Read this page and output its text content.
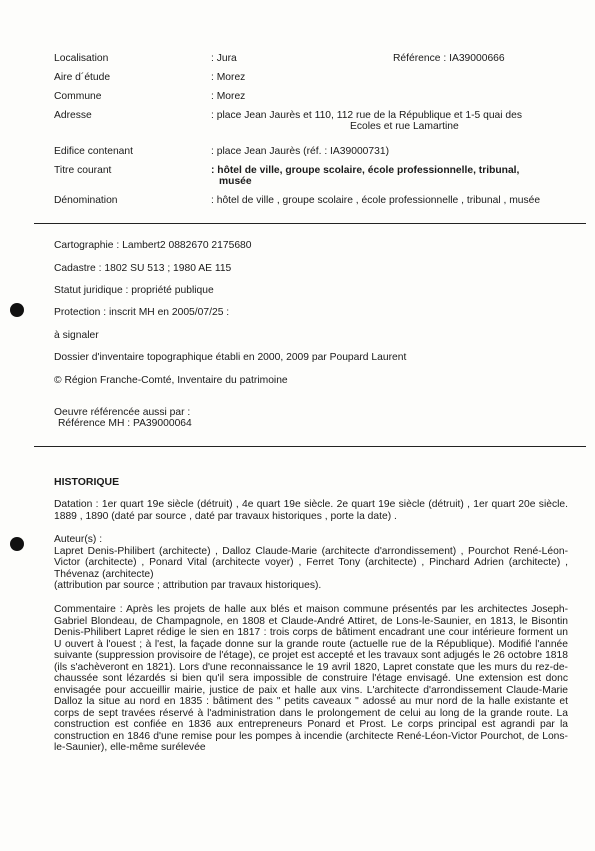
Localisation	: Jura	Référence : IA39000666
Aire d´étude	: Morez
Commune	: Morez
Adresse	: place Jean Jaurès et 110, 112 rue de la République et 1-5 quai des
Ecoles et rue Lamartine
Edifice contenant	: place Jean Jaurès (réf. : IA39000731)
Titre courant	: hôtel de ville, groupe scolaire, école professionnelle, tribunal,
musée
Dénomination	: hôtel de ville , groupe scolaire , école professionnelle , tribunal , musée
Cartographie : Lambert2 0882670 2175680
Cadastre : 1802 SU 513 ; 1980 AE 115
Statut juridique : propriété publique
Protection : inscrit MH en 2005/07/25 :
à signaler
Dossier d'inventaire topographique établi en 2000, 2009 par Poupard Laurent
© Région Franche-Comté, Inventaire du patrimoine
Oeuvre référencée aussi par :
Référence MH : PA39000064
HISTORIQUE

Datation : 1er quart 19e siècle (détruit) , 4e quart 19e siècle. 2e quart 19e siècle (détruit) , 1er quart 20e siècle. 1889 , 1890 (daté par source , daté par travaux historiques , porte la date) .

Auteur(s) :

Lapret Denis-Philibert (architecte) , Dalloz Claude-Marie (architecte d'arrondissement) , Pourchot René-Léon-Victor (architecte) , Ponard Vital (architecte voyer) , Ferret Tony (architecte) , Pinchard Adrien (architecte) , Thévenaz (architecte)

(attribution par source ; attribution par travaux historiques).

Commentaire : Après les projets de halle aux blés et maison commune présentés par les architectes Joseph-Gabriel Blondeau, de Champagnole, en 1808 et Claude-André Attiret, de Lons-le-Saunier, en 1813, le Bisontin Denis-Philibert Lapret rédige le sien en 1817 : trois corps de bâtiment encadrant une cour intérieure forment un U ouvert à l'ouest ; à l'est, la façade donne sur la grande route (actuelle rue de la République). Modifié l'année suivante (suppression provisoire de l'étage), ce projet est accepté et les travaux sont adjugés le 26 octobre 1818 (ils s'achèveront en 1821). Lors d'une reconnaissance le 19 avril 1820, Lapret constate que les murs du rez-de-chaussée sont lézardés si bien qu'il sera impossible de construire l'étage envisagé. Une extension est donc envisagée pour accueillir mairie, justice de paix et halle aux vins. L'architecte d'arrondissement Claude-Marie Dalloz la situe au nord en 1835 : bâtiment des " petits caveaux " adossé au mur nord de la halle existante et corps de sept travées réservé à l'administration dans le prolongement de celui au long de la grande route. La construction est confiée en 1836 aux entrepreneurs Ponard et Prost. Le corps principal est agrandi par la construction en 1846 d'une remise pour les pompes à incendie (architecte René-Léon-Victor Pourchot, de Lons-le-Saunier), elle-même surélevée
